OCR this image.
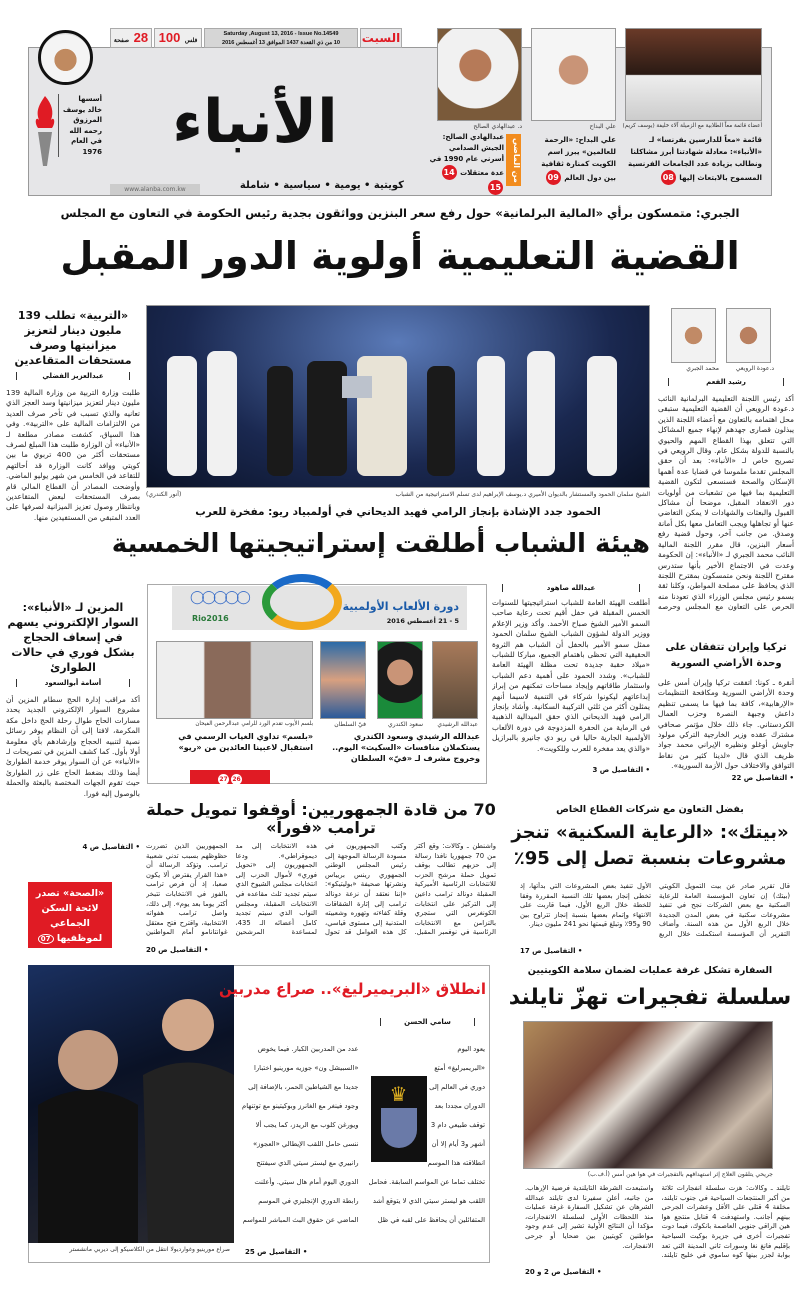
السبت
Saturday ,August 13, 2016 - Issue No.14549
10 من ذي القعدة 1437 الموافق 13 أغسطس 2016
فلس 100
28 صفحة
أسسها
خالد يوسف
المرزوق
رحمه الله
في العام
1976	الأنباء
www.alanba.com.kw	كويتية • يومية • سياسية • شاملة
أعضاء قائمة معاً الطلابية مع الزميلة آلاء خليفة (يوسف كريم)
علي البداح
د. عبدالهادي الصالح
قائمة «معاً للدارسين بفرنسا» لـ «الأنباء»: معادلة شهادتنا أبرز مشاكلنا ونطالب بزيادة عدد الجامعات الفرنسية المسموح بالابتعاث إليها 08
علي البداح: «الرحمة للعالمين» يبرز اسم الكويت كمنارة ثقافية بين دول العالم 09
من الماضي
عبدالهادي الصالح: الجيش الصدامي أسرني عام 1990 في عدة معتقلات 1415
الجبري: متمسكون برأي «المالية البرلمانية» حول رفع سعر البنزين وواثقون بجدية رئيس الحكومة في التعاون مع المجلس
القضية التعليمية أولوية الدور المقبل
د.عودة الرويعي
محمد الجبري
رشيد الفعم
أكد رئيس اللجنة التعليمية البرلمانية النائب د.عودة الرويعي أن القضية التعليمية ستبقى محل اهتمامه بالتعاون مع أعضاء اللجنة الذين يبذلون قصارى جهدهم لإنهاء جميع المشاكل التي تتعلق بهذا القطاع المهم والحيوي بالنسبة للدولة بشكل عام. وقال الرويعي في تصريح خاص لـ «الأنباء»: بعد أن حقق المجلس تقدما ملموسا في قضايا عدة أهمها الإسكان والصحة فسنسعى لتكون القضية التعليمية بما فيها من تشعبات من أولويات دور الانعقاد المقبل، موضحا أن مشاكل القبول والبعثات والشهادات لا يمكن التغاضي عنها أو تجاهلها ويجب التعامل معها بكل أمانة وصدق. من جانب آخر، وحول قضية رفع أسعار البنزين، قال مقرر اللجنة المالية النائب محمد الجبري لـ «الأنباء»: إن الحكومة وعدت في الاجتماع الأخير بأنها ستدرس مقترح اللجنة ونحن متمسكون بمقترح اللجنة الذي يحافظ على مصلحة المواطن، وكلنا ثقة بسمو رئيس مجلس الوزراء الذي تعودنا منه الحرص على التعاون مع المجلس وحرصه
«التربية» تطلب 139 مليون دينار لتعزيز ميزانيتها وصرف مستحقات المتقاعدين
عبدالعزيز الفضلي
طلبت وزارة التربية من وزارة المالية 139 مليون دينار لتعزيز ميزانيتها وسد العجز الذي تعانيه والذي تسبب في تأخر صرف العديد من الالتزامات المالية على «التربية». وفي هذا السياق، كشفت مصادر مطلعة لـ «الأنباء» أن الوزارة طلبت هذا المبلغ لصرف مستحقات أكثر من 400 تربوي ما بين كويتي ووافد كانت الوزارة قد أحالتهم للتقاعد في الخامس من شهر يوليو الماضي. وأوضحت المصادر أن القطاع المالي قام بصرف المستحقات لبعض المتقاعدين وبانتظار وصول تعزيز الميزانية لصرفها على العدد المتبقي من المستفيدين منها.
المزين لـ «الأنباء»: السوار الإلكتروني يسهم في إسعاف الحجاج بشكل فوري في حالات الطوارئ
أسامة أبوالسعود
أكد مراقب إدارة الحج سطام المزين أن مشروع السوار الإلكتروني الجديد يحدد مسارات الحاج طوال رحلة الحج داخل مكة المكرمة، لافتا إلى أن النظام يوفر رسائل نصية لتنبيه الحجاج وإرشادهم بأي معلومة أولا بأول. كما كشف المزين في تصريحات لـ «الأنباء» عن أن السوار يوفر خدمة الطوارئ أيضا وذلك بضغط الحاج على زر الطوارئ حيث تقوم الجهات المختصة بالبعثة والحملة بالوصول إليه فورا.
• التفاصيل ص 4
«الصحة» تصدر لائحة السكن الجماعي لموظفيها 07
الشيخ سلمان الحمود والمستشار بالديوان الأميري د.يوسف الإبراهيم لدى تسلم الاستراتيجية من الشباب
(أنور الكندري)
الحمود جدد الإشادة بإنجاز الرامي فهيد الديحاني في أولمبياد ريو: مفخرة للعرب
هيئة الشباب أطلقت إستراتيجيتها الخمسية
◯◯◯◯◯
Rio2016
دورة الألعاب الأولمبية
5 - 21 أغسطس 2016
عبدالله الرشيدي
سعود الكندري
فيّ السلطان
بلسم الأيوب تقدم الورد للرامي عبدالرحمن الفيحان
عبدالله الرشيدي وسعود الكندري يستكملان منافسات «السكيت» اليوم.. وخروج مشرف لـ «فيّ» السلطان
«بلسم» تداوي الغياب الرسمي في استقبال لاعبينا العائدين من «ريو»
2627
عبدالله صاهود
أطلقت الهيئة العامة للشباب استراتيجيتها للسنوات الخمس المقبلة في حفل أقيم تحت رعاية صاحب السمو الأمير الشيخ صباح الأحمد. وأكد وزير الإعلام ووزير الدولة لشؤون الشباب الشيخ سلمان الحمود ممثل سمو الأمير بالحفل أن الشباب هم الثروة الحقيقية التي تحظى باهتمام الجميع، مباركا للشباب «ميلاد حقبة جديدة تحت مظلة الهيئة العامة للشباب». وشدد الحمود على أهمية دعم الشباب واستثمار طاقاتهم وإيجاد مساحات تمكنهم من إبراز إبداعاتهم ليكونوا شركاء في التنمية لاسيما أنهم يمثلون أكثر من ثلثي التركيبة السكانية. وأشاد بإنجاز الرامي فهيد الديحاني الذي حقق الميدالية الذهبية في الرماية من الحفرة المزدوجة في دورة الألعاب الأولمبية الجارية حاليا في ريو دي جانيرو بالبرازيل «والذي يعد مفخرة للعرب وللكويت».
• التفاصيل ص 3
تركيا وإيران تتفقان على وحدة الأراضي السورية
أنقرة ـ كونا: اتفقت تركيا وإيران أمس على وحدة الأراضي السورية ومكافحة التنظيمات «الإرهابية»، كافة بما فيها ما يسمى تنظيم داعش وجبهة النصرة وحزب العمال الكردستاني. جاء ذلك خلال مؤتمر صحافي مشترك عقده وزير الخارجية التركي مولود جاويش أوغلو ونظيره الإيراني محمد جواد ظريف الذي قال «لدينا كثير من نقاط التوافق والاختلاف حول الأزمة السورية».
• التفاصيل ص 22
70 من قادة الجمهوريين: أوقفوا تمويل حملة ترامب «فوراً»
واشنطن ـ وكالات: وقع أكثر من 70 جمهوريا نافذا رسالة إلى حزبهم تطالب بوقف تمويل حملة مرشح الحزب للانتخابات الرئاسية الأميركية المقبلة دونالد ترامب داعين إلى التركيز على انتخابات الكونغرس التي ستجري بالتزامن مع الانتخابات الرئاسية في نوفمبر المقبل. وكتب الجمهوريون في مسودة الرسالة الموجهة إلى رئيس المجلس الوطني الجمهوري رينس بريباس ونشرتها صحيفة «بوليتيكو»: «إننا نعتقد أن نزعة دونالد ترامب إلى إثارة الشقاقات وقلة كفاءته وتهوره وشعبيته المتدنية إلى مستوى قياسي، كل هذه العوامل قد تحول هذه الانتخابات إلى مد ديموقراطي». ودعا الجمهوريون إلى «تحويل فوري» لأموال الحزب إلى انتخابات مجلس الشيوخ الذي سيتم تجديد ثلث مقاعده في الانتخابات المقبلة، ومجلس النواب الذي سيتم تجديد كامل أعضائه الـ 435، لمساعدة المرشحين الجمهوريين الذين تضررت حظوظهم بسبب تدني شعبية ترامب. وتؤكد الرسالة أن «هذا القرار يفترض ألا يكون صعبا، إذ أن فرص ترامب بالفوز في الانتخابات تتبخر أكثر يوما بعد يوم». إلى ذلك، واصل ترامب هفواته الانتخابية، واقترح فتح معتقل غوانتانامو أمام المواطنين
• التفاصيل ص 20
بفضل التعاون مع شركات القطاع الخاص
«بيتك»: «الرعاية السكنية» تنجز مشروعات بنسبة تصل إلى 95٪
قال تقرير صادر عن بيت التمويل الكويتي (بيتك) إن تعاون المؤسسة العامة للرعاية السكنية مع بعض الشركات نجح في تنفيذ مشروعات سكنية في بعض المدن الجديدة خلال الربع الأول من هذه السنة. وأضاف التقرير أن المؤسسة استكملت خلال الربع الأول تنفيذ بعض المشروعات التي بدأتها، إذ تخطى إنجاز بعضها تلك النسبة المقررة وفقا للخطة خلال الربع الأول، فيما قاربت على الانتهاء وإتمام بعضها بنسبة إنجاز تتراوح بين 90 و95٪ وتبلغ قيمتها نحو 241 مليون دينار.
• التفاصيل ص 17
صراع مورينيو وغوارديولا انتقل من الكلاسيكو إلى ديربي مانشستر
انطلاق «البريميرليغ».. صراع مدربين
سامي الحسن
♛
يعود اليوم «البريميرليغ» أمتع دوري في العالم إلى الدوران مجددا بعد توقف طبيعي دام 3 أشهر و3 أيام إلا أن انطلاقته هذا الموسم تختلف تماما عن المواسم السابقة. فحامل اللقب هو ليستر سيتي الذي لا يتوقع أشد المتفائلين أن يحافظ على لقبه في ظل عدد من المدربين الكبار. فيما يخوض «السبيشل ون» جوزيه مورينيو اختبارا جديدا مع الشياطين الحمر، بالإضافة إلى وجود فينغر مع الغانرز وبوكيتينو مع توتنهام ويورغن كلوب مع الريدز، كما يجب ألا ننسى حامل اللقب الإيطالي «العجوز» رانييري مع ليستر سيتي الذي سيفتتح الدوري اليوم أمام هال سيتي. وأعلنت رابطة الدوري الإنجليزي في الموسم الماضي عن حقوق البث المباشر للمواسم
• التفاصيل ص 25
السفارة تشكل غرفة عمليات لضمان سلامة الكويتيين
سلسلة تفجيرات تهزّ تايلند
جريحي يتلقون العلاج إثر استهدافهم بالتفجيرات في هوا هين أمس (أ.ف.ب)
تايلند ـ وكالات: هزت سلسلة انفجارات ثلاثة من أكبر المنتجعات السياحية في جنوب تايلند، مخلفة 4 قتلى على الأقل وعشرات الجرحى بينهم أجانب. واستهدفت 4 قنابل منتجع هوا هين الراقي جنوبي العاصمة بانكوك، فيما دوت تفجيرات أخرى في جزيرة بوكيت السياحية بإقليم فانغ نغا وسورات ثاني المدينة التي تعد بوابة لجزر بينها كوه ساموي في خليج تايلند. واستبعدت الشرطة التايلندية فرضية الإرهاب. من جانبه، أعلن سفيرنا لدى تايلند عبدالله الشرهان عن تشكيل السفارة غرفة عمليات منذ اللحظات الأولى لسلسلة الانفجارات، مؤكدا أن النتائج الأولية تشير إلى عدم وجود مواطنين كويتيين بين ضحايا أو جرحى الانفجارات.
• التفاصيل ص 2 و 20
